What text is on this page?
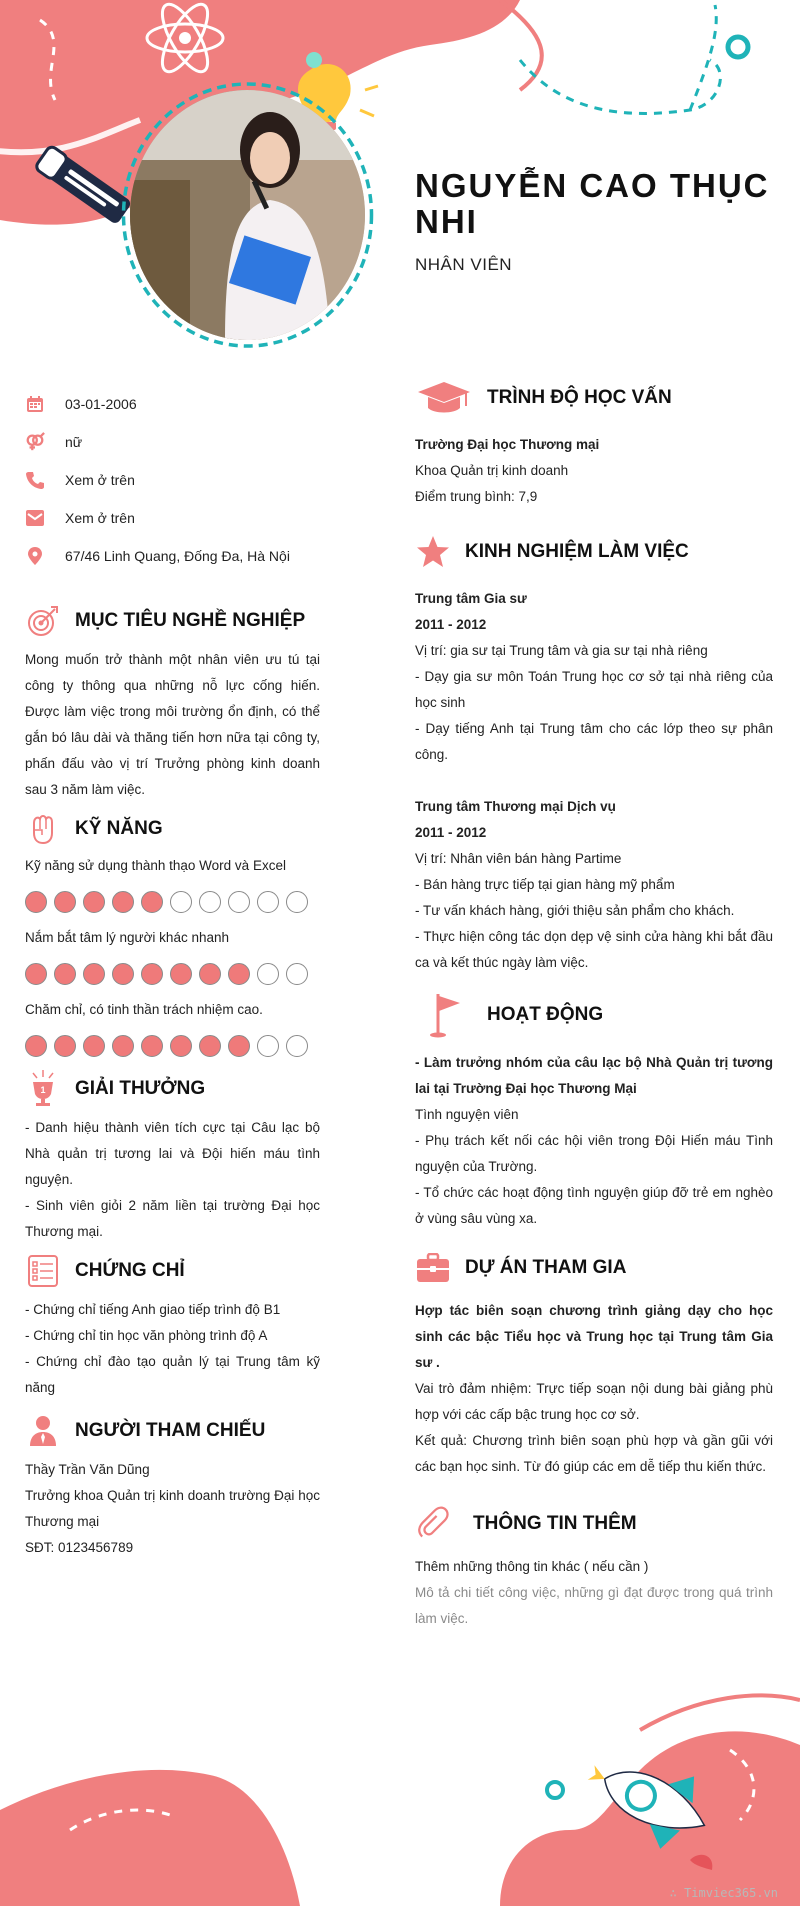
NGUYỄN CAO THỤC NHI
NHÂN VIÊN
03-01-2006
nữ
Xem ở trên
Xem ở trên
67/46 Linh Quang, Đống Đa, Hà Nội
MỤC TIÊU NGHỀ NGHIỆP
Mong muốn trở thành một nhân viên ưu tú tại công ty thông qua những nỗ lực cống hiến. Được làm việc trong môi trường ổn định, có thể gắn bó lâu dài và thăng tiến hơn nữa tại công ty, phấn đấu vào vị trí Trưởng phòng kinh doanh sau 3 năm làm việc.
KỸ NĂNG
Kỹ năng sử dụng thành thạo Word và Excel
Nắm bắt tâm lý người khác nhanh
Chăm chỉ, có tinh thần trách nhiệm cao.
1 GIẢI THƯỞNG

- Danh hiệu thành viên tích cực tại Câu lạc bộ Nhà quản trị tương lai và Đội hiến máu tình nguyện.

- Sinh viên giỏi 2 năm liền tại trường Đại học Thương mại.

CHỨNG CHỈ

- Chứng chỉ tiếng Anh giao tiếp trình độ B1

- Chứng chỉ tin học văn phòng trình độ A

- Chứng chỉ đào tạo quản lý tại Trung tâm kỹ năng

NGƯỜI THAM CHIẾU

Thầy Trần Văn Dũng

Trưởng khoa Quản trị kinh doanh trường Đại học Thương mại

SĐT: 0123456789

TRÌNH ĐỘ HỌC VẤN

Trường Đại học Thương mại

Khoa Quản trị kinh doanh

Điểm trung bình: 7,9

KINH NGHIỆM LÀM VIỆC

Trung tâm Gia sư

2011 - 2012

Vị trí: gia sư tại Trung tâm và gia sư tại nhà riêng

- Dạy gia sư môn Toán Trung học cơ sở tại nhà riêng của học sinh

- Dạy tiếng Anh tại Trung tâm cho các lớp theo sự phân công.

Trung tâm Thương mại Dịch vụ

2011 - 2012

Vị trí: Nhân viên bán hàng Partime

- Bán hàng trực tiếp tại gian hàng mỹ phẩm

- Tư vấn khách hàng, giới thiệu sản phẩm cho khách.

- Thực hiện công tác dọn dẹp vệ sinh cửa hàng khi bắt đầu ca và kết thúc ngày làm việc.

HOẠT ĐỘNG

- Làm trưởng nhóm của câu lạc bộ Nhà Quản trị tương lai tại Trường Đại học Thương Mại

Tình nguyện viên

- Phụ trách kết nối các hội viên trong Đội Hiến máu Tình nguyện của Trường.

- Tổ chức các hoạt động tình nguyện giúp đỡ trẻ em nghèo ở vùng sâu vùng xa.

DỰ ÁN THAM GIA

Hợp tác biên soạn chương trình giảng dạy cho học sinh các bậc Tiểu học và Trung học tại Trung tâm Gia sư .

Vai trò đảm nhiệm: Trực tiếp soạn nội dung bài giảng phù hợp với các cấp bậc trung học cơ sở.

Kết quả: Chương trình biên soạn phù hợp và gần gũi với các bạn học sinh. Từ đó giúp các em dễ tiếp thu kiến thức.

THÔNG TIN THÊM

Thêm những thông tin khác ( nếu cần )

Mô tả chi tiết công việc, những gì đạt được trong quá trình làm việc.

∴ Timviec365.vn
